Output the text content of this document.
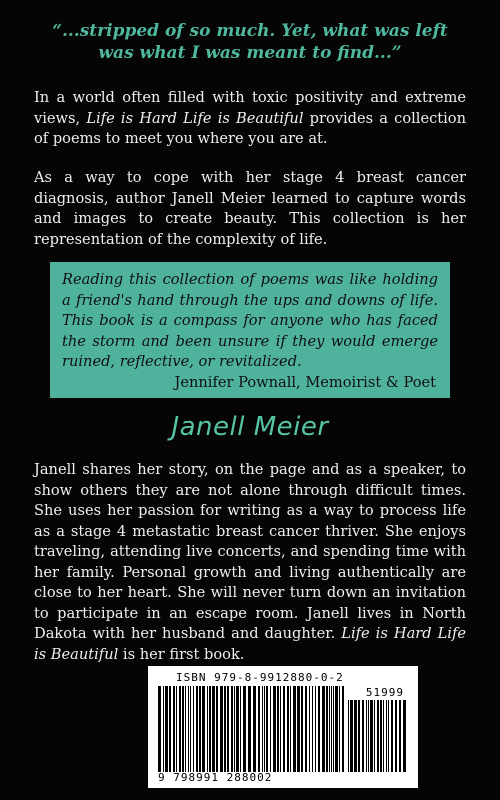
“...stripped of so much. Yet, what was left
was what I was meant to find...”
In a world often filled with toxic positivity and extreme views, Life is Hard Life is Beautiful provides a collection of poems to meet you where you are at.
As a way to cope with her stage 4 breast cancer diagnosis, author Janell Meier learned to capture words and images to create beauty. This collection is her representation of the complexity of life.
Reading this collection of poems was like holding a friend's hand through the ups and downs of life. This book is a compass for anyone who has faced the storm and been unsure if they would emerge ruined, reflective, or revitalized.
Jennifer Pownall, Memoirist & Poet
Janell Meier
Janell shares her story, on the page and as a speaker, to show others they are not alone through difficult times. She uses her passion for writing as a way to process life as a stage 4 metastatic breast cancer thriver. She enjoys traveling, attending live concerts, and spending time with her family. Personal growth and living authentically are close to her heart. She will never turn down an invitation to participate in an escape room. Janell lives in North Dakota with her husband and daughter. Life is Hard Life is Beautiful is her first book.
ISBN 979-8-9912880-0-2
51999
9 798991 288002
